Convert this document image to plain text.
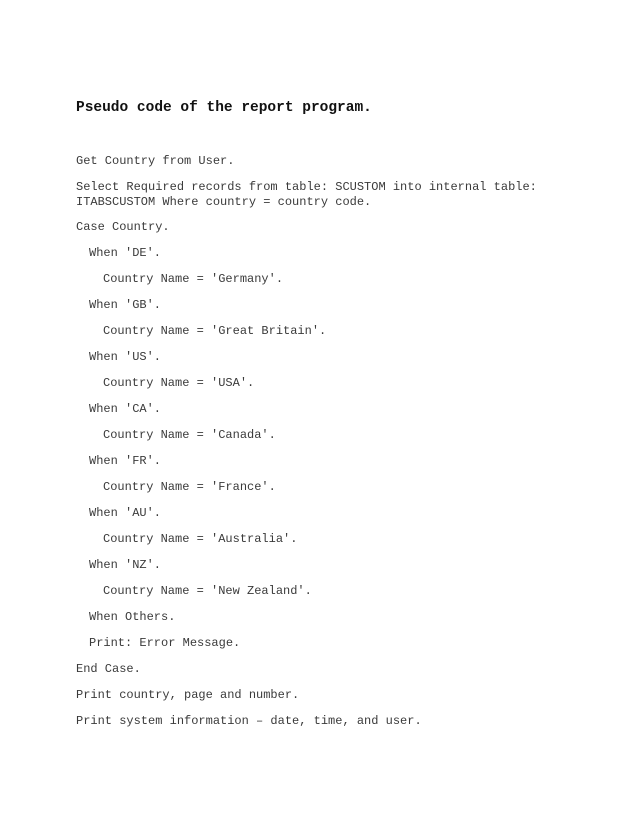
Pseudo code of the report program.
Get Country from User.
Select Required records from table: SCUSTOM into internal table:
ITABSCUSTOM Where country = country code.
Case Country.
When 'DE'.
Country Name = 'Germany'.
When 'GB'.
Country Name = 'Great Britain'.
When 'US'.
Country Name = 'USA'.
When 'CA'.
Country Name = 'Canada'.
When 'FR'.
Country Name = 'France'.
When 'AU'.
Country Name = 'Australia'.
When 'NZ'.
Country Name = 'New Zealand'.
When Others.
Print: Error Message.
End Case.
Print country, page and number.
Print system information – date, time, and user.
